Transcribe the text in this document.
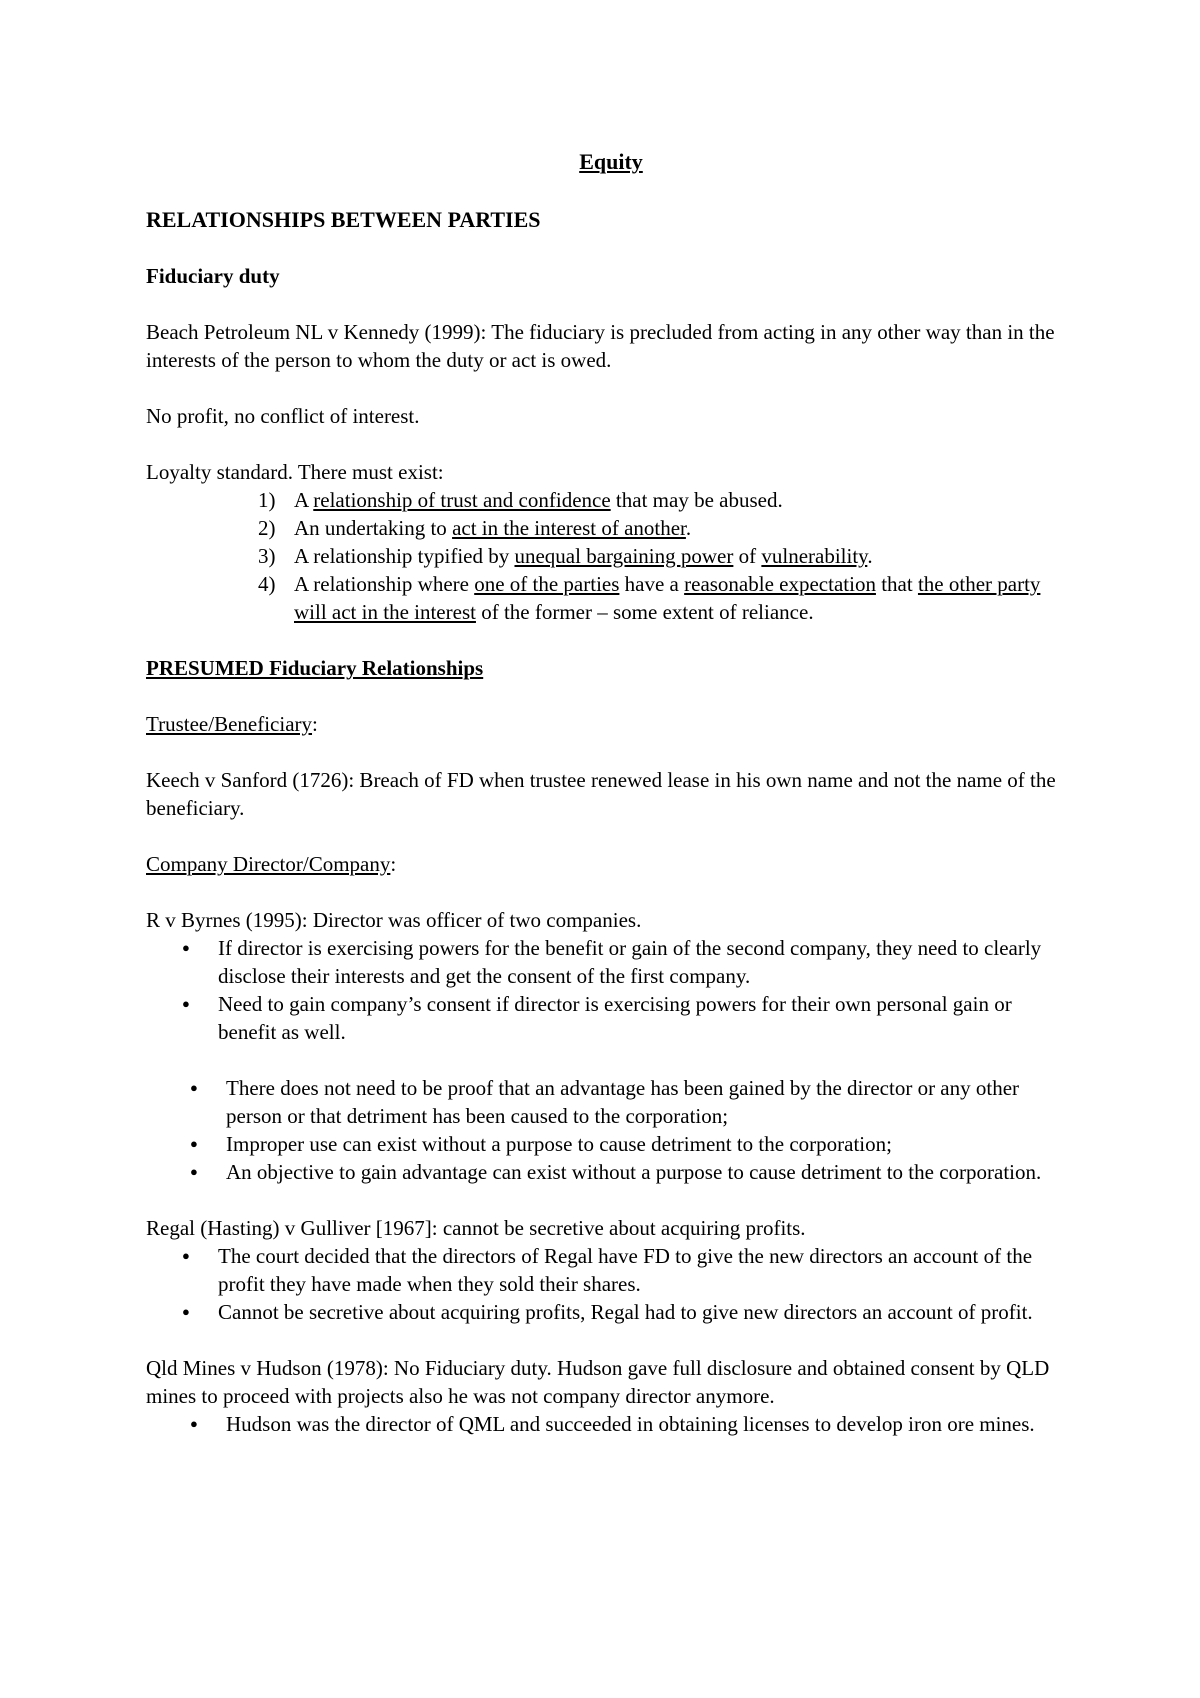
Equity
RELATIONSHIPS BETWEEN PARTIES
Fiduciary duty

Beach Petroleum NL v Kennedy (1999): The fiduciary is precluded from acting in any other way than in the interests of the person to whom the duty or act is owed.

No profit, no conflict of interest.

Loyalty standard. There must exist:

A relationship of trust and confidence that may be abused.
An undertaking to act in the interest of another.
A relationship typified by unequal bargaining power of vulnerability.
A relationship where one of the parties have a reasonable expectation that the other party will act in the interest of the former – some extent of reliance.
PRESUMED Fiduciary Relationships

Trustee/Beneficiary:

Keech v Sanford (1726): Breach of FD when trustee renewed lease in his own name and not the name of the beneficiary.

Company Director/Company:

R v Byrnes (1995): Director was officer of two companies.

● If director is exercising powers for the benefit or gain of the second company, they need to clearly disclose their interests and get the consent of the first company.
● Need to gain company’s consent if director is exercising powers for their own personal gain or benefit as well.
● There does not need to be proof that an advantage has been gained by the director or any other person or that detriment has been caused to the corporation;
● Improper use can exist without a purpose to cause detriment to the corporation;
● An objective to gain advantage can exist without a purpose to cause detriment to the corporation.

Regal (Hasting) v Gulliver [1967]: cannot be secretive about acquiring profits.

● The court decided that the directors of Regal have FD to give the new directors an account of the profit they have made when they sold their shares.
● Cannot be secretive about acquiring profits, Regal had to give new directors an account of profit.

Qld Mines v Hudson (1978): No Fiduciary duty. Hudson gave full disclosure and obtained consent by QLD mines to proceed with projects also he was not company director anymore.

● Hudson was the director of QML and succeeded in obtaining licenses to develop iron ore mines.
